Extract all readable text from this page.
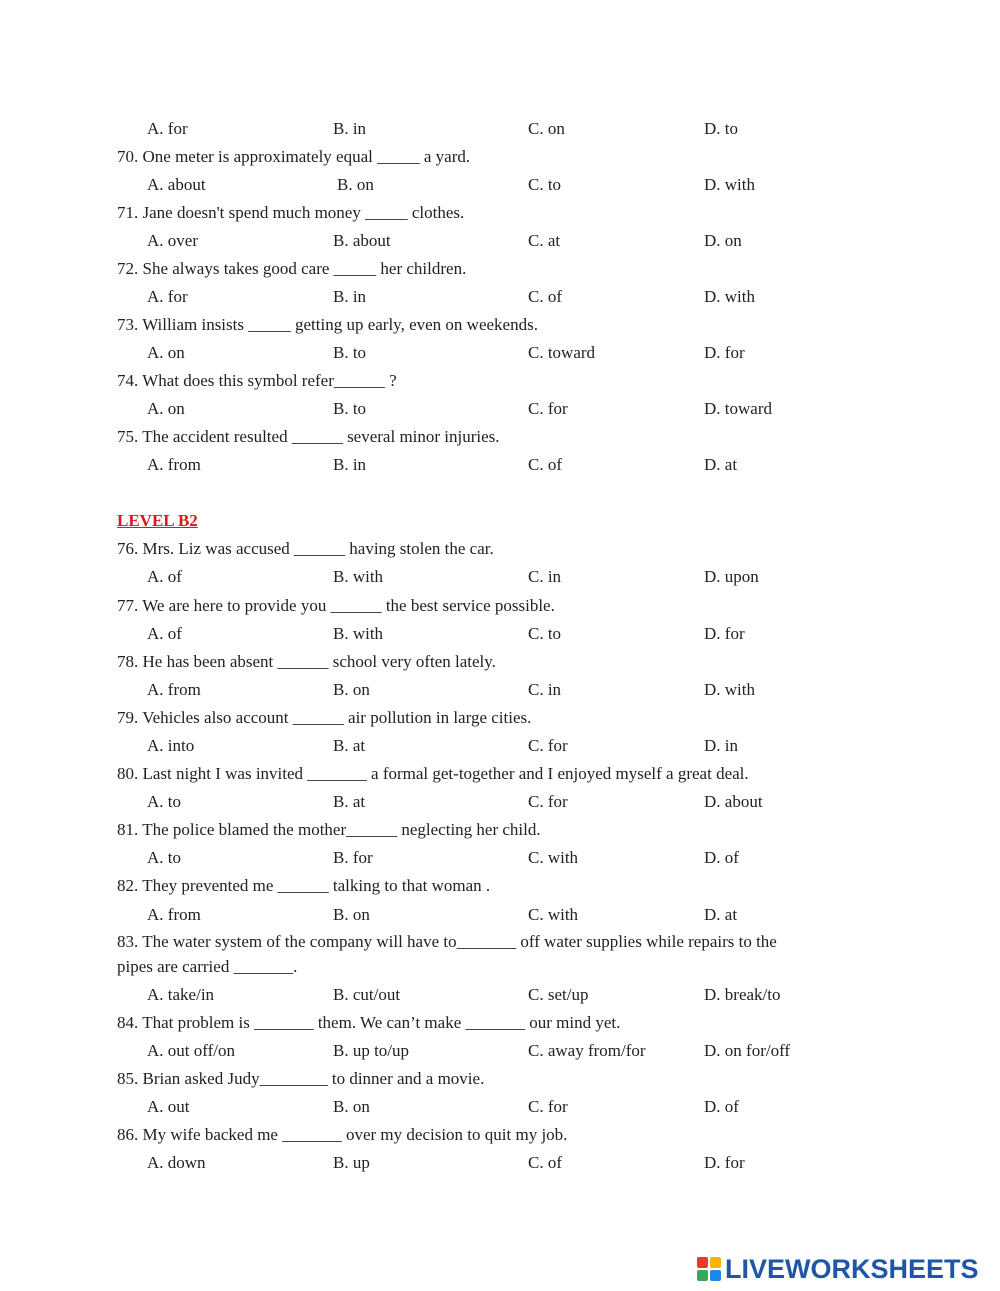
A. for	B. in	C. on	D. to
70. One meter is approximately equal _____ a yard.
A. about	B. on	C. to	D. with
71. Jane doesn't spend much money _____ clothes.
A. over	B. about	C. at	D. on
72. She always takes good care _____ her children.
A. for	B. in	C. of	D. with
73. William insists _____ getting up early, even on weekends.
A. on	B. to	C. toward	D. for
74. What does this symbol refer______ ?
A. on	B. to	C. for	D. toward
75. The accident resulted ______ several minor injuries.
A. from	B. in	C. of	D. at
LEVEL B2
76. Mrs. Liz was accused ______ having stolen the car.
A. of	B. with	C. in	D. upon
77. We are here to provide you ______ the best service possible.
A. of	B. with	C. to	D. for
78. He has been absent ______ school very often lately.
A. from	B. on	C. in	D. with
79. Vehicles also account ______ air pollution in large cities.
A. into	B. at	C. for	D. in
80. Last night I was invited _______ a formal get-together and I enjoyed myself a great deal.
A. to	B. at	C. for	D. about
81. The police blamed the mother______ neglecting her child.
A. to	B. for	C. with	D. of
82. They prevented me ______ talking to that woman .
A. from	B. on	C. with	D. at
83. The water system of the company will have to_______ off water supplies while repairs to the
pipes are carried _______.
A. take/in	B. cut/out	C. set/up	D. break/to
84. That problem is _______ them. We can’t make _______ our mind yet.
A. out off/on	B. up to/up	C. away from/for	D. on for/off
85. Brian asked Judy________ to dinner and a movie.
A. out	B. on	C. for	D. of
86. My wife backed me _______ over my decision to quit my job.
A. down	B. up	C. of	D. for
LIVEWORKSHEETS
